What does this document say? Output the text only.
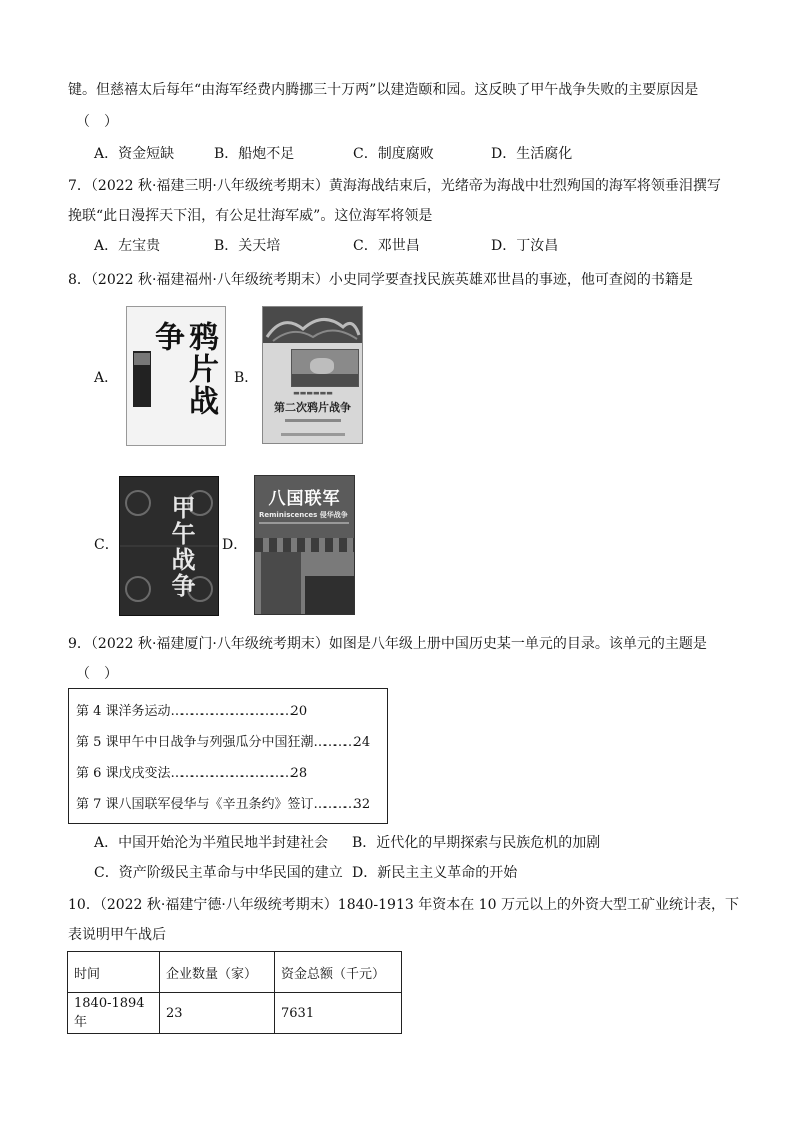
键。但慈禧太后每年“由海军经费内腾挪三十万两”以建造颐和园。这反映了甲午战争失败的主要原因是
（　）
A．资金短缺	B．船炮不足	C．制度腐败	D．生活腐化
7．（2022 秋·福建三明·八年级统考期末）黄海海战结束后，光绪帝为海战中壮烈殉国的海军将领垂泪撰写
挽联“此日漫挥天下泪，有公足壮海军威”。这位海军将领是
A．左宝贵	B．关天培	C．邓世昌	D．丁汝昌
8．（2022 秋·福建福州·八年级统考期末）小史同学要查找民族英雄邓世昌的事迹，他可查阅的书籍是
A．	鸦片战争
B．
▬▬▬▬▬▬
第二次鸦片战争
C．	甲午战争 D．
八国联军
Reminiscences 侵华战争
9．（2022 秋·福建厦门·八年级统考期末）如图是八年级上册中国历史某一单元的目录。该单元的主题是
（　）
第 4 课洋务运动………………………………20
第 5 课甲午中日战争与列强瓜分中国狂潮…………24
第 6 课戊戌变法………………………………28
第 7 课八国联军侵华与《辛丑条约》签订…………32
A．中国开始沦为半殖民地半封建社会 B．近代化的早期探索与民族危机的加剧
C．资产阶级民主革命与中华民国的建立 D．新民主主义革命的开始
10．（2022 秋·福建宁德·八年级统考期末）1840-1913 年资本在 10 万元以上的外资大型工矿业统计表，下
表说明甲午战后
时间	企业数量（家）	资金总额（千元）
1840-1894 年	23	7631
